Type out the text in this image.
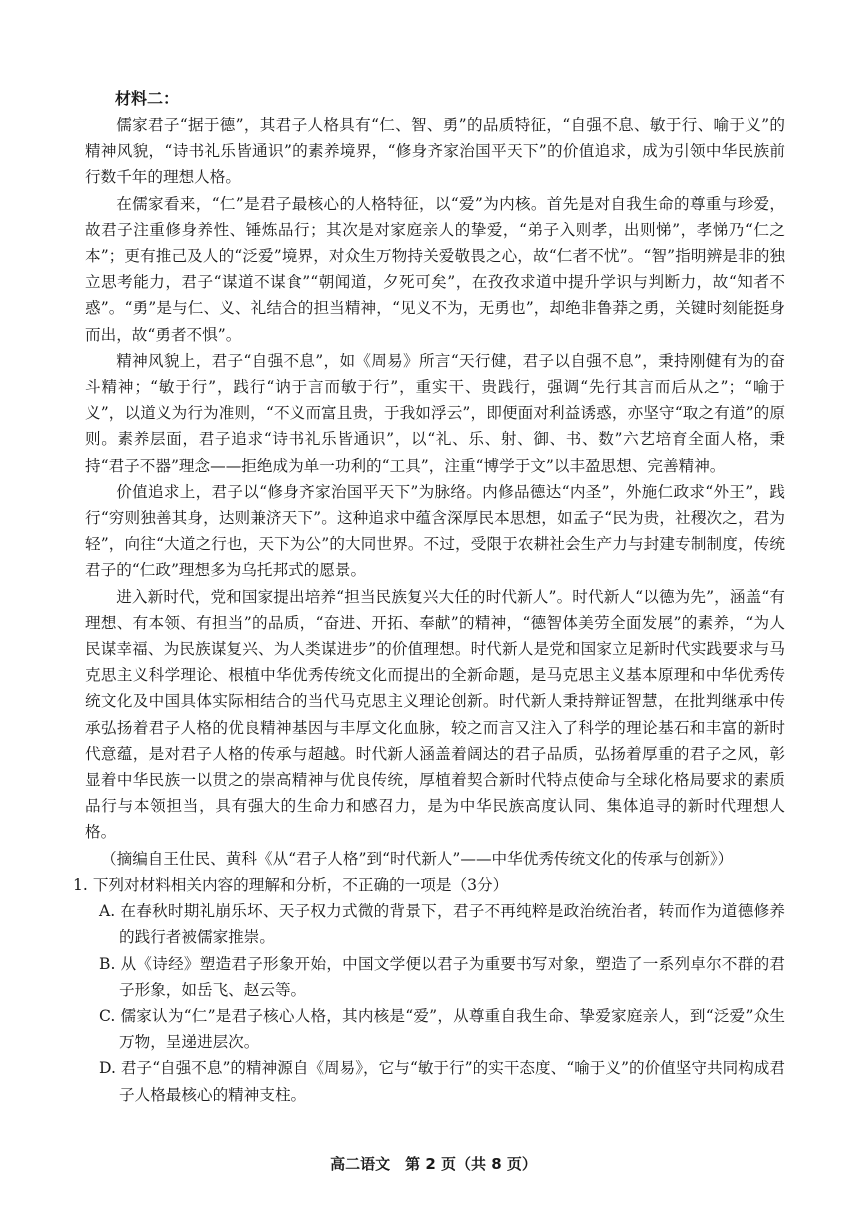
材料二：

儒家君子“据于德”，其君子人格具有“仁、智、勇”的品质特征，“自强不息、敏于行、喻于义”的精神风貌，“诗书礼乐皆通识”的素养境界，“修身齐家治国平天下”的价值追求，成为引领中华民族前行数千年的理想人格。

在儒家看来，“仁”是君子最核心的人格特征，以“爱”为内核。首先是对自我生命的尊重与珍爱，故君子注重修身养性、锤炼品行；其次是对家庭亲人的挚爱，“弟子入则孝，出则悌”，孝悌乃“仁之本”；更有推己及人的“泛爱”境界，对众生万物持关爱敬畏之心，故“仁者不忧”。“智”指明辨是非的独立思考能力，君子“谋道不谋食”“朝闻道，夕死可矣”，在孜孜求道中提升学识与判断力，故“知者不惑”。“勇”是与仁、义、礼结合的担当精神，“见义不为，无勇也”，却绝非鲁莽之勇，关键时刻能挺身而出，故“勇者不惧”。

精神风貌上，君子“自强不息”，如《周易》所言“天行健，君子以自强不息”，秉持刚健有为的奋斗精神；“敏于行”，践行“讷于言而敏于行”，重实干、贵践行，强调“先行其言而后从之”；“喻于义”，以道义为行为准则，“不义而富且贵，于我如浮云”，即便面对利益诱惑，亦坚守“取之有道”的原则。素养层面，君子追求“诗书礼乐皆通识”，以“礼、乐、射、御、书、数”六艺培育全面人格，秉持“君子不器”理念——拒绝成为单一功利的“工具”，注重“博学于文”以丰盈思想、完善精神。

价值追求上，君子以“修身齐家治国平天下”为脉络。内修品德达“内圣”，外施仁政求“外王”，践行“穷则独善其身，达则兼济天下”。这种追求中蕴含深厚民本思想，如孟子“民为贵，社稷次之，君为轻”，向往“大道之行也，天下为公”的大同世界。不过，受限于农耕社会生产力与封建专制制度，传统君子的“仁政”理想多为乌托邦式的愿景。

进入新时代，党和国家提出培养“担当民族复兴大任的时代新人”。时代新人“以德为先”，涵盖“有理想、有本领、有担当”的品质，“奋进、开拓、奉献”的精神，“德智体美劳全面发展”的素养，“为人民谋幸福、为民族谋复兴、为人类谋进步”的价值理想。时代新人是党和国家立足新时代实践要求与马克思主义科学理论、根植中华优秀传统文化而提出的全新命题，是马克思主义基本原理和中华优秀传统文化及中国具体实际相结合的当代马克思主义理论创新。时代新人秉持辩证智慧，在批判继承中传承弘扬着君子人格的优良精神基因与丰厚文化血脉，较之而言又注入了科学的理论基石和丰富的新时代意蕴，是对君子人格的传承与超越。时代新人涵盖着阔达的君子品质，弘扬着厚重的君子之风，彰显着中华民族一以贯之的崇高精神与优良传统，厚植着契合新时代特点使命与全球化格局要求的素质品行与本领担当，具有强大的生命力和感召力，是为中华民族高度认同、集体追寻的新时代理想人格。

（摘编自王仕民、黄科《从“君子人格”到“时代新人”——中华优秀传统文化的传承与创新》）

1. 下列对材料相关内容的理解和分析，不正确的一项是（3分）

A. 在春秋时期礼崩乐坏、天子权力式微的背景下，君子不再纯粹是政治统治者，转而作为道德修养的践行者被儒家推崇。

B. 从《诗经》塑造君子形象开始，中国文学便以君子为重要书写对象，塑造了一系列卓尔不群的君子形象，如岳飞、赵云等。

C. 儒家认为“仁”是君子核心人格，其内核是“爱”，从尊重自我生命、挚爱家庭亲人，到“泛爱”众生万物，呈递进层次。

D. 君子“自强不息”的精神源自《周易》，它与“敏于行”的实干态度、“喻于义”的价值坚守共同构成君子人格最核心的精神支柱。

高二语文　第 2 页（共 8 页）
